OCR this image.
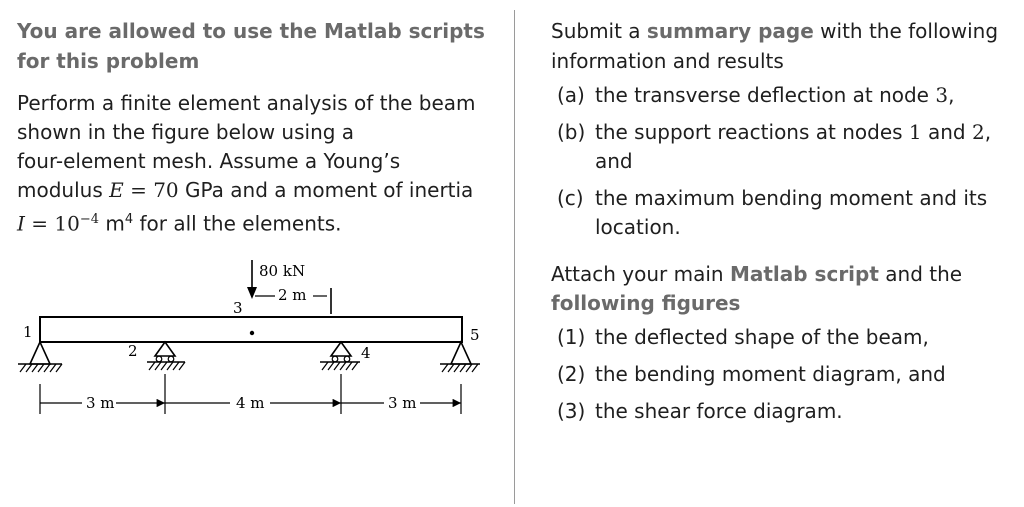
You are allowed to use the Matlab scripts for this problem
Perform a finite element analysis of the beam
shown in the figure below using a
four-element mesh. Assume a Young’s
modulus E = 70 GPa and a moment of inertia
$I = 10^{-4}$ $m^4$ for all the elements.
80 kN
2 m
3
1	5
2	4
3 m	4 m	3 m
Submit a summary page with the following information and results
(a) the transverse deflection at node 3,
(b) the support reactions at nodes 1 and 2, and
(c) the maximum bending moment and its location.
Attach your main Matlab script and the following figures
(1) the deflected shape of the beam,
(2) the bending moment diagram, and
(3) the shear force diagram.
